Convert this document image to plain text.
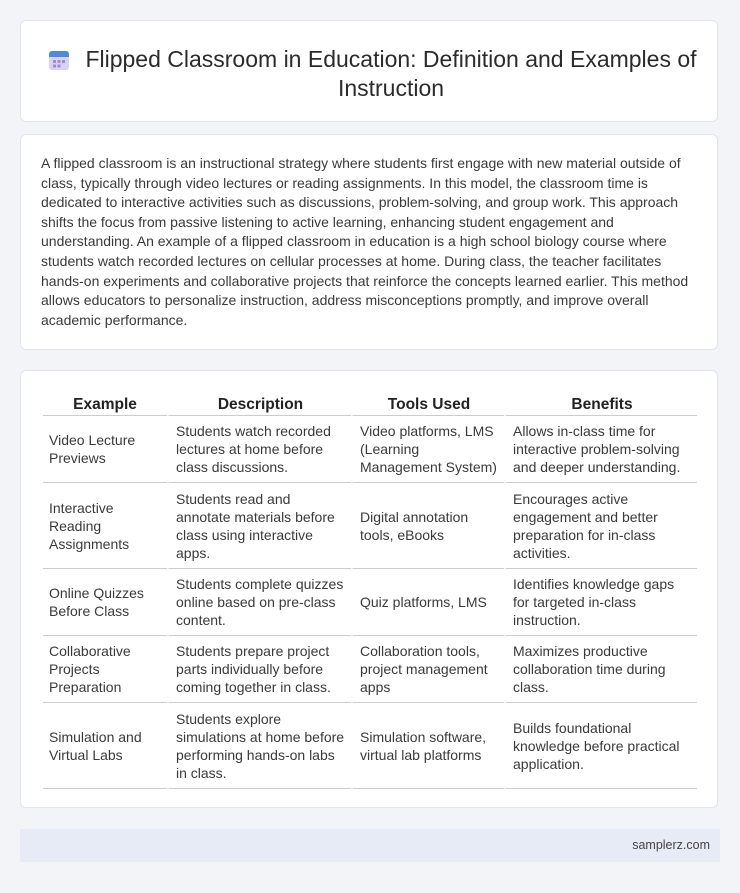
Flipped Classroom in Education: Definition and Examples of Instruction

A flipped classroom is an instructional strategy where students first engage with new material outside of class, typically through video lectures or reading assignments. In this model, the classroom time is dedicated to interactive activities such as discussions, problem-solving, and group work. This approach shifts the focus from passive listening to active learning, enhancing student engagement and understanding. An example of a flipped classroom in education is a high school biology course where students watch recorded lectures on cellular processes at home. During class, the teacher facilitates hands-on experiments and collaborative projects that reinforce the concepts learned earlier. This method allows educators to personalize instruction, address misconceptions promptly, and improve overall academic performance.

Example	Description	Tools Used	Benefits
Video Lecture Previews	Students watch recorded lectures at home before class discussions.	Video platforms, LMS (Learning Management System)	Allows in-class time for interactive problem-solving and deeper understanding.
Interactive Reading Assignments	Students read and annotate materials before class using interactive apps.	Digital annotation tools, eBooks	Encourages active engagement and better preparation for in-class activities.
Online Quizzes Before Class	Students complete quizzes online based on pre-class content.	Quiz platforms, LMS	Identifies knowledge gaps for targeted in-class instruction.
Collaborative Projects Preparation	Students prepare project parts individually before coming together in class.	Collaboration tools, project management apps	Maximizes productive collaboration time during class.
Simulation and Virtual Labs	Students explore simulations at home before performing hands-on labs in class.	Simulation software, virtual lab platforms	Builds foundational knowledge before practical application.
samplerz.com
